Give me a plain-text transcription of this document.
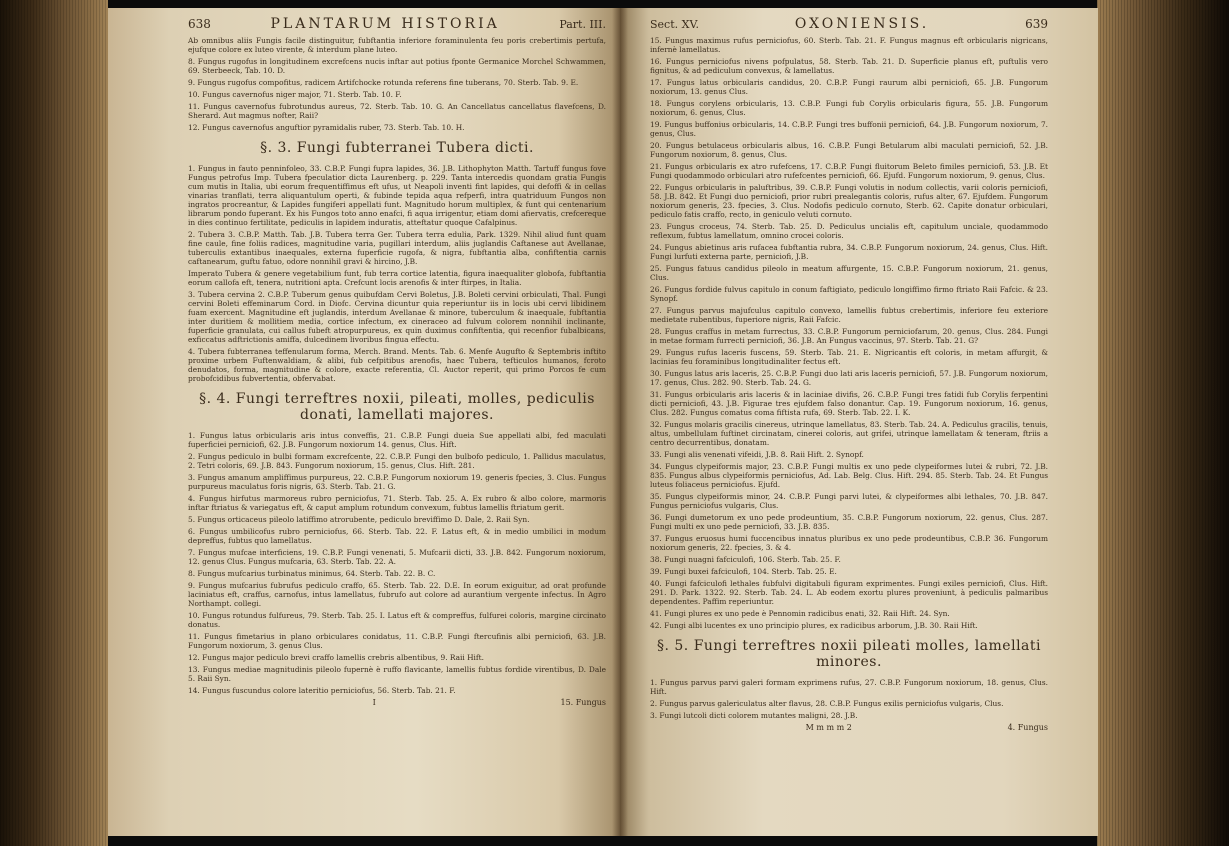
638	PLANTARUM HISTORIA	Part. III.

Ab omnibus aliis Fungis facile distinguitur, fubftantia inferiore foraminulenta feu poris crebertimis pertufa, ejufque colore ex luteo virente, & interdum plane luteo.

8. Fungus rugofus in longitudinem excrefcens nucis inftar aut potius fponte Germanice Morchel Schwammen, 69. Sterbeeck, Tab. 10. D.

9. Fungus rugofus compofitus, radicem Artifchocke rotunda referens fine tuberans, 70. Sterb. Tab. 9. E.

10. Fungus cavernofus niger major, 71. Sterb. Tab. 10. F.

11. Fungus cavernofus fubrotundus aureus, 72. Sterb. Tab. 10. G. An Cancellatus cancellatus flavefcens, D. Sherard. Aut magmus nofter, Raii?

12. Fungus cavernofus anguftior pyramidalis ruber, 73. Sterb. Tab. 10. H.

§. 3. Fungi fubterranei Tubera dicti.

1. Fungus in fauto penninfoleo, 33. C.B.P. Fungi fupra lapides, 36. J.B. Lithophyton Matth. Tartuff fungus fove Fungus petrofus Imp. Tubera fpeculatior dicta Laurenberg. p. 229. Tanta intercedis quondam gratia Fungis cum mutis in Italia, ubi eorum frequentiffimus eft ufus, ut Neapoli inventi fint lapides, qui defoffi & in cellas vinarias tranflati, terra aliquantulum operti, & fubinde tepida aqua refperfi, intra quatriduum Fungos non ingratos procreantur, & Lapides fungiferi appellati funt. Magnitudo horum multiplex, & funt qui centenarium librarum pondo fuperant. Ex his Fungos toto anno enafci, fi aqua irrigentur, etiam domi afiervatis, crefcereque in dies continuo fertilitate, pediculis in lapidem induratis, atteftatur quoque Cafalpinus.

2. Tubera 3. C.B.P. Matth. Tab. J.B. Tubera terra Ger. Tubera terra edulia, Park. 1329. Nihil aliud funt quam fine caule, fine foliis radices, magnitudine varia, pugillari interdum, aliis juglandis Caftanese aut Avellanae, tuberculis extantibus inaequales, externa fuperficie rugofa, & nigra, fubftantia alba, confiftentia carnis caftanearum, guftu fatuo, odore nonnihil gravi & hircino, J.B.

Imperato Tubera & genere vegetabilium funt, fub terra cortice latentia, figura inaequaliter globofa, fubftantia eorum callofa eft, tenera, nutritioni apta. Crefcunt locis arenofis & inter ftirpes, in Italia.

3. Tubera cervina 2. C.B.P. Tuberum genus quibufdam Cervi Boletus, J.B. Boleti cervini orbiculati, Thal. Fungi cervini Boleti effeminarum Cord. in Diofc. Cervina dicuntur quia reperiuntur iis in locis ubi cervi libidinem fuam exercent. Magnitudine eft juglandis, interdum Avellanae & minore, tuberculum & inaequale, fubftantia inter duritiem & mollitiem media, cortice infectum, ex cineraceo ad fulvum colorem nonnihil inclinante, fuperficie granulata, cui callus fubeft atropurpureus, ex quin duximus confiftentia, qui recenfior fubalbicans, exficcatus adftrictionis amiffa, dulcedinem livoribus fingua effectu.

4. Tubera fubterranea teffenularum forma, Merch. Brand. Ments. Tab. 6. Menfe Augufto & Septembris inftito proxime urbem Fuftenwaldiam, & alibi, fub cefpitibus arenofis, haec Tubera, tefticulos humanos, fcroto denudatos, forma, magnitudine & colore, exacte referentia, Cl. Auctor reperit, qui primo Porcos fe cum probofcidibus fubvertentia, obfervabat.

§. 4. Fungi terreftres noxii, pileati, molles, pediculis donati, lamellati majores.

1. Fungus latus orbicularis aris intus conveffis, 21. C.B.P. Fungi dueia Sue appellati albi, fed maculati fuperficiei perniciofi, 62. J.B. Fungorum noxiorum 14. genus, Clus. Hift.

2. Fungus pediculo in bulbi formam excrefcente, 22. C.B.P. Fungi den bulbofo pediculo, 1. Pallidus maculatus, 2. Tetri coloris, 69. J.B. 843. Fungorum noxiorum, 15. genus, Clus. Hift. 281.

3. Fungus amanum ampliffimus purpureus, 22. C.B.P. Fungorum noxiorum 19. generis fpecies, 3. Clus. Fungus purpureus maculatus foris nigris, 63. Sterb. Tab. 21. G.

4. Fungus hirfutus marmoreus rubro perniciofus, 71. Sterb. Tab. 25. A. Ex rubro & albo colore, marmoris inftar ftriatus & variegatus eft, & caput amplum rotundum convexum, fubtus lamellis ftriatum gerit.

5. Fungus orticaceus pileolo latiffimo atrorubente, pediculo breviffimo D. Dale, 2. Raii Syn.

6. Fungus umbilicofus rubro perniciofus, 66. Sterb. Tab. 22. F. Latus eft, & in medio umbilici in modum depreffus, fubtus quo lamellatus.

7. Fungus mufcae interficiens, 19. C.B.P. Fungi venenati, 5. Mufcarii dicti, 33. J.B. 842. Fungorum noxiorum, 12. genus Clus. Fungus mufcaria, 63. Sterb. Tab. 22. A.

8. Fungus mufcarius turbinatus minimus, 64. Sterb. Tab. 22. B. C.

9. Fungus mufcarius fubrufus pediculo craffo, 65. Sterb. Tab. 22. D.E. In eorum exiguitur, ad orat profunde laciniatus eft, craffus, carnofus, intus lamellatus, fubrufo aut colore ad aurantium vergente infectus. In Agro Northampt. collegi.

10. Fungus rotundus fulfureus, 79. Sterb. Tab. 25. I. Latus eft & compreffus, fulfurei coloris, margine circinato donatus.

11. Fungus fimetarius in plano orbiculares conidatus, 11. C.B.P. Fungi ftercufinis albi perniciofi, 63. J.B. Fungorum noxiorum, 3. genus Clus.

12. Fungus major pediculo brevi craffo lamellis crebris albentibus, 9. Raii Hift.

13. Fungus mediae magnitudinis pileolo fupernè è ruffo flavicante, lamellis fubtus fordide virentibus, D. Dale 5. Raii Syn.

14. Fungus fuscundus colore lateritio perniciofus, 56. Sterb. Tab. 21. F.

I	15. Fungus
Sect. XV.	OXONIENSIS.	639

15. Fungus maximus rufus perniciofus, 60. Sterb. Tab. 21. F. Fungus magnus eft orbicularis nigricans, infernè lamellatus.

16. Fungus perniciofus nivens pofpulatus, 58. Sterb. Tab. 21. D. Superficie planus eft, puftulis vero fignitus, & ad pediculum convexus, & lamellatus.

17. Fungus latus orbicularis candidus, 20. C.B.P. Fungi raurum albi perniciofi, 65. J.B. Fungorum noxiorum, 13. genus Clus.

18. Fungus corylens orbicularis, 13. C.B.P. Fungi fub Corylis orbicularis figura, 55. J.B. Fungorum noxiorum, 6. genus, Clus.

19. Fungus buffonius orbicularis, 14. C.B.P. Fungi tres buffonii perniciofi, 64. J.B. Fungorum noxiorum, 7. genus, Clus.

20. Fungus betulaceus orbicularis albus, 16. C.B.P. Fungi Betularum albi maculati perniciofi, 52. J.B. Fungorum noxiorum, 8. genus, Clus.

21. Fungus orbicularis ex atro rufefcens, 17. C.B.P. Fungi fluitorum Beleto fimiles perniciofi, 53. J.B. Et Fungi quodammodo orbiculari atro rufefcentes perniciofi, 66. Ejufd. Fungorum noxiorum, 9. genus, Clus.

22. Fungus orbicularis in paluftribus, 39. C.B.P. Fungi volutis in nodum collectis, varii coloris perniciofi, 58. J.B. 842. Et Fungi duo perniciofi, prior rubri prealegantis coloris, rufus alter, 67. Ejufdem. Fungorum noxiorum generis, 23. fpecies, 3. Clus. Nodofis pediculo cornuto, Sterb. 62. Capite donatur orbiculari, pediculo fatis craffo, recto, in geniculo veluti cornuto.

23. Fungus croceus, 74. Sterb. Tab. 25. D. Pediculus uncialis eft, capitulum unciale, quodammodo reflexum, fubtus lamellatum, omnino crocei coloris.

24. Fungus abietinus aris rufacea fubftantia rubra, 34. C.B.P. Fungorum noxiorum, 24. genus, Clus. Hift. Fungi lurfuti externa parte, perniciofi, J.B.

25. Fungus fatuus candidus pileolo in meatum affurgente, 15. C.B.P. Fungorum noxiorum, 21. genus, Clus.

26. Fungus fordide fulvus capitulo in conum faftigiato, pediculo longiffimo firmo ftriato Raii Fafcic. & 23. Synopf.

27. Fungus parvus majufculus capitulo convexo, lamellis fubtus crebertimis, inferiore feu exteriore medietate rubentibus, fuperiore nigris, Raii Fafcic.

28. Fungus craffus in metam furrectus, 33. C.B.P. Fungorum perniciofarum, 20. genus, Clus. 284. Fungi in metae formam furrecti perniciofi, 36. J.B. An Fungus vaccinus, 97. Sterb. Tab. 21. G?

29. Fungus rufus laceris fuscens, 59. Sterb. Tab. 21. E. Nigricantis eft coloris, in metam affurgit, & lacinias feu foraminibus longitudinaliter fectus eft.

30. Fungus latus aris laceris, 25. C.B.P. Fungi duo lati aris laceris perniciofi, 57. J.B. Fungorum noxiorum, 17. genus, Clus. 282. 90. Sterb. Tab. 24. G.

31. Fungus orbicularis aris laceris & in laciniae divifis, 26. C.B.P. Fungi tres fatidi fub Corylis ferpentini dicti perniciofi, 43. J.B. Figurae tres ejufdem falso donantur. Cap. 19. Fungorum noxiorum, 16. genus, Clus. 282. Fungus comatus coma fiftista rufa, 69. Sterb. Tab. 22. I. K.

32. Fungus molaris gracilis cinereus, utrinque lamellatus, 83. Sterb. Tab. 24. A. Pediculus gracilis, tenuis, altus, umbellulam fuftinet circinatam, cinerei coloris, aut grifei, utrinque lamellatam & teneram, ftriis a centro decurrentibus, donatam.

33. Fungi alis venenati vifeidi, J.B. 8. Raii Hift. 2. Synopf.

34. Fungus clypeiformis major, 23. C.B.P. Fungi multis ex uno pede clypeiformes lutei & rubri, 72. J.B. 835. Fungus albus clypeiformis perniciofus, Ad. Lab. Belg. Clus. Hift. 294. 85. Sterb. Tab. 24. Et Fungus luteus foliaceus perniciofus. Ejufd.

35. Fungus clypeiformis minor, 24. C.B.P. Fungi parvi lutei, & clypeiformes albi lethales, 70. J.B. 847. Fungus perniciofus vulgaris, Clus.

36. Fungi dumetorum ex uno pede prodeuntium, 35. C.B.P. Fungorum noxiorum, 22. genus, Clus. 287. Fungi multi ex uno pede perniciofi, 33. J.B. 835.

37. Fungus eruosus humi fuccencibus innatus pluribus ex uno pede prodeuntibus, C.B.P. 36. Fungorum noxiorum generis, 22. fpecies, 3. & 4.

38. Fungi nuagni fafciculofi, 106. Sterb. Tab. 25. F.

39. Fungi buxei fafciculofi, 104. Sterb. Tab. 25. E.

40. Fungi fafciculofi lethales fubfulvi digitabuli figuram exprimentes. Fungi exiles perniciofi, Clus. Hift. 291. D. Park. 1322. 92. Sterb. Tab. 24. L. Ab eodem exortu plures proveniunt, à pediculis palmaribus dependentes. Paffim reperiuntur.

41. Fungi plures ex uno pede è Pennomin radicibus enati, 32. Raii Hift. 24. Syn.

42. Fungi albi lucentes ex uno principio plures, ex radicibus arborum, J.B. 30. Raii Hift.

§. 5. Fungi terreftres noxii pileati molles, lamellati minores.

1. Fungus parvus parvi galeri formam exprimens rufus, 27. C.B.P. Fungorum noxiorum, 18. genus, Clus. Hift.

2. Fungus parvus galericulatus alter flavus, 28. C.B.P. Fungus exilis perniciofus vulgaris, Clus.

3. Fungi lutcoli dicti colorem mutantes maligni, 28. J.B.

M m m m 2	4. Fungus
